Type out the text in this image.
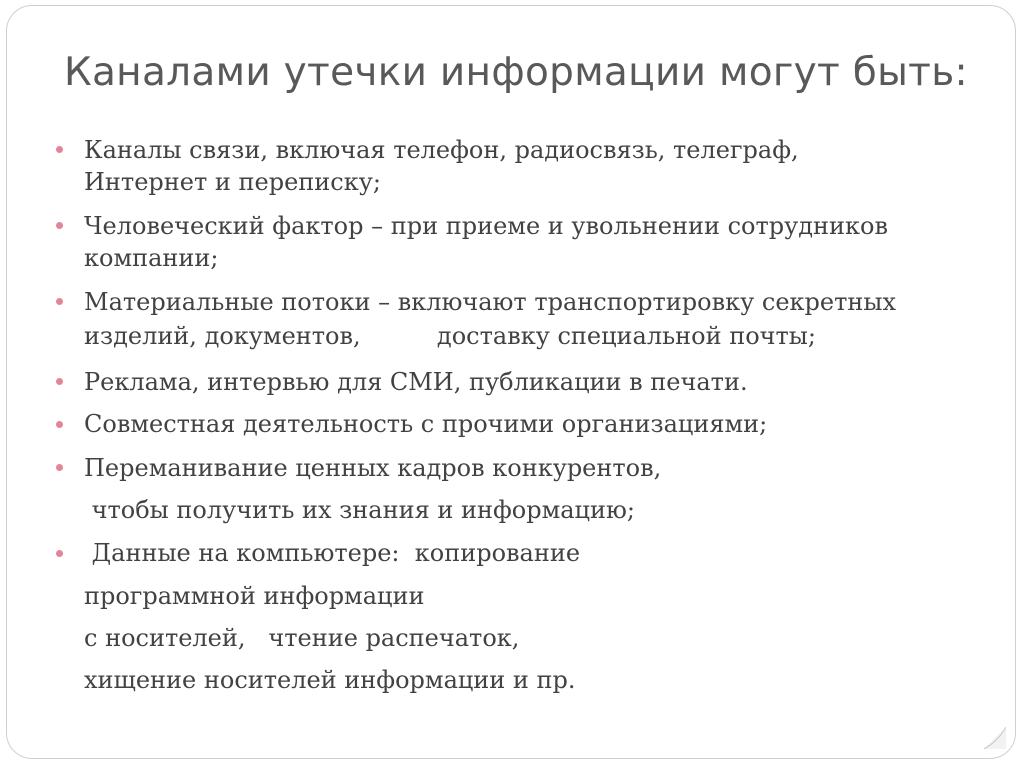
Каналами утечки информации могут быть:
Каналы связи, включая телефон, радиосвязь, телеграф,
Интернет и переписку;
Человеческий фактор – при приеме и увольнении сотрудников
компании;
Материальные потоки – включают транспортировку секретных
изделий, документов,          доставку специальной почты;
Реклама, интервью для СМИ, публикации в печати.
Совместная деятельность с прочими организациями;
Переманивание ценных кадров конкурентов,
чтобы получить их знания и информацию;
Данные на компьютере:  копирование
программной информации
с носителей,   чтение распечаток,
хищение носителей информации и пр.
